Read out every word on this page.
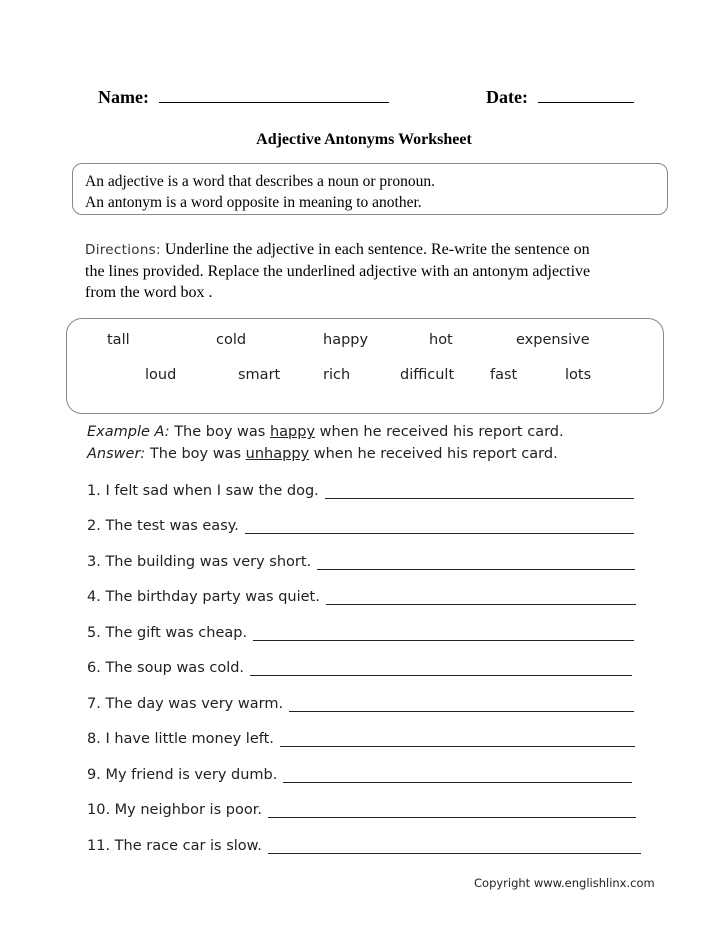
Name:	Date:
Adjective Antonyms Worksheet
An adjective is a word that describes a noun or pronoun.
An antonym is a word opposite in meaning to another.
Directions: Underline the adjective in each sentence. Re-write the sentence on
the lines provided. Replace the underlined adjective with an antonym adjective
from the word box .
tall	cold	happy	hot	expensive
loud	smart	rich	difficult fast	lots
Example A: The boy was happy when he received his report card.
Answer: The boy was unhappy when he received his report card.
1. I felt sad when I saw the dog.
2. The test was easy.
3. The building was very short.
4. The birthday party was quiet.
5. The gift was cheap.
6. The soup was cold.
7. The day was very warm.
8. I have little money left.
9. My friend is very dumb.
10. My neighbor is poor.
11. The race car is slow.
Copyright www.englishlinx.com
